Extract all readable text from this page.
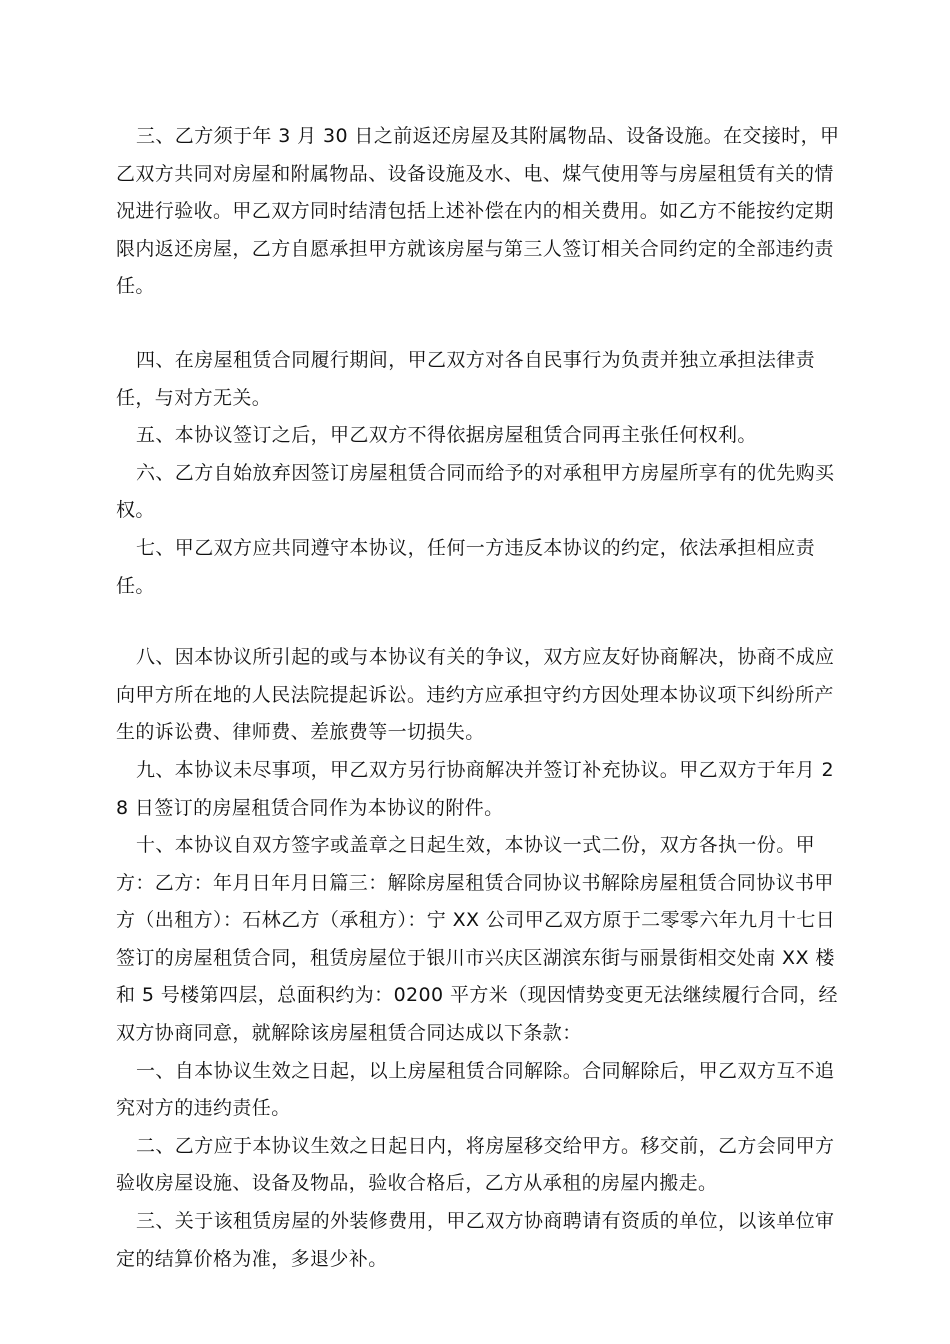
三、乙方须于年 3 月 30 日之前返还房屋及其附属物品、设备设施。在交接时，甲乙双方共同对房屋和附属物品、设备设施及水、电、煤气使用等与房屋租赁有关的情况进行验收。甲乙双方同时结清包括上述补偿在内的相关费用。如乙方不能按约定期限内返还房屋，乙方自愿承担甲方就该房屋与第三人签订相关合同约定的全部违约责任。

四、在房屋租赁合同履行期间，甲乙双方对各自民事行为负责并独立承担法律责任，与对方无关。

五、本协议签订之后，甲乙双方不得依据房屋租赁合同再主张任何权利。

六、乙方自始放弃因签订房屋租赁合同而给予的对承租甲方房屋所享有的优先购买权。

七、甲乙双方应共同遵守本协议，任何一方违反本协议的约定，依法承担相应责任。

八、因本协议所引起的或与本协议有关的争议，双方应友好协商解决，协商不成应向甲方所在地的人民法院提起诉讼。违约方应承担守约方因处理本协议项下纠纷所产生的诉讼费、律师费、差旅费等一切损失。

九、本协议未尽事项，甲乙双方另行协商解决并签订补充协议。甲乙双方于年月 28 日签订的房屋租赁合同作为本协议的附件。

十、本协议自双方签字或盖章之日起生效，本协议一式二份，双方各执一份。甲方：乙方：年月日年月日篇三：解除房屋租赁合同协议书解除房屋租赁合同协议书甲方（出租方）：石林乙方（承租方）：宁 XX 公司甲乙双方原于二零零六年九月十七日签订的房屋租赁合同，租赁房屋位于银川市兴庆区湖滨东街与丽景街相交处南 XX 楼和 5 号楼第四层，总面积约为：0200 平方米（现因情势变更无法继续履行合同，经双方协商同意，就解除该房屋租赁合同达成以下条款：

一、自本协议生效之日起，以上房屋租赁合同解除。合同解除后，甲乙双方互不追究对方的违约责任。

二、乙方应于本协议生效之日起日内，将房屋移交给甲方。移交前，乙方会同甲方验收房屋设施、设备及物品，验收合格后，乙方从承租的房屋内搬走。

三、关于该租赁房屋的外装修费用，甲乙双方协商聘请有资质的单位，以该单位审定的结算价格为准，多退少补。
